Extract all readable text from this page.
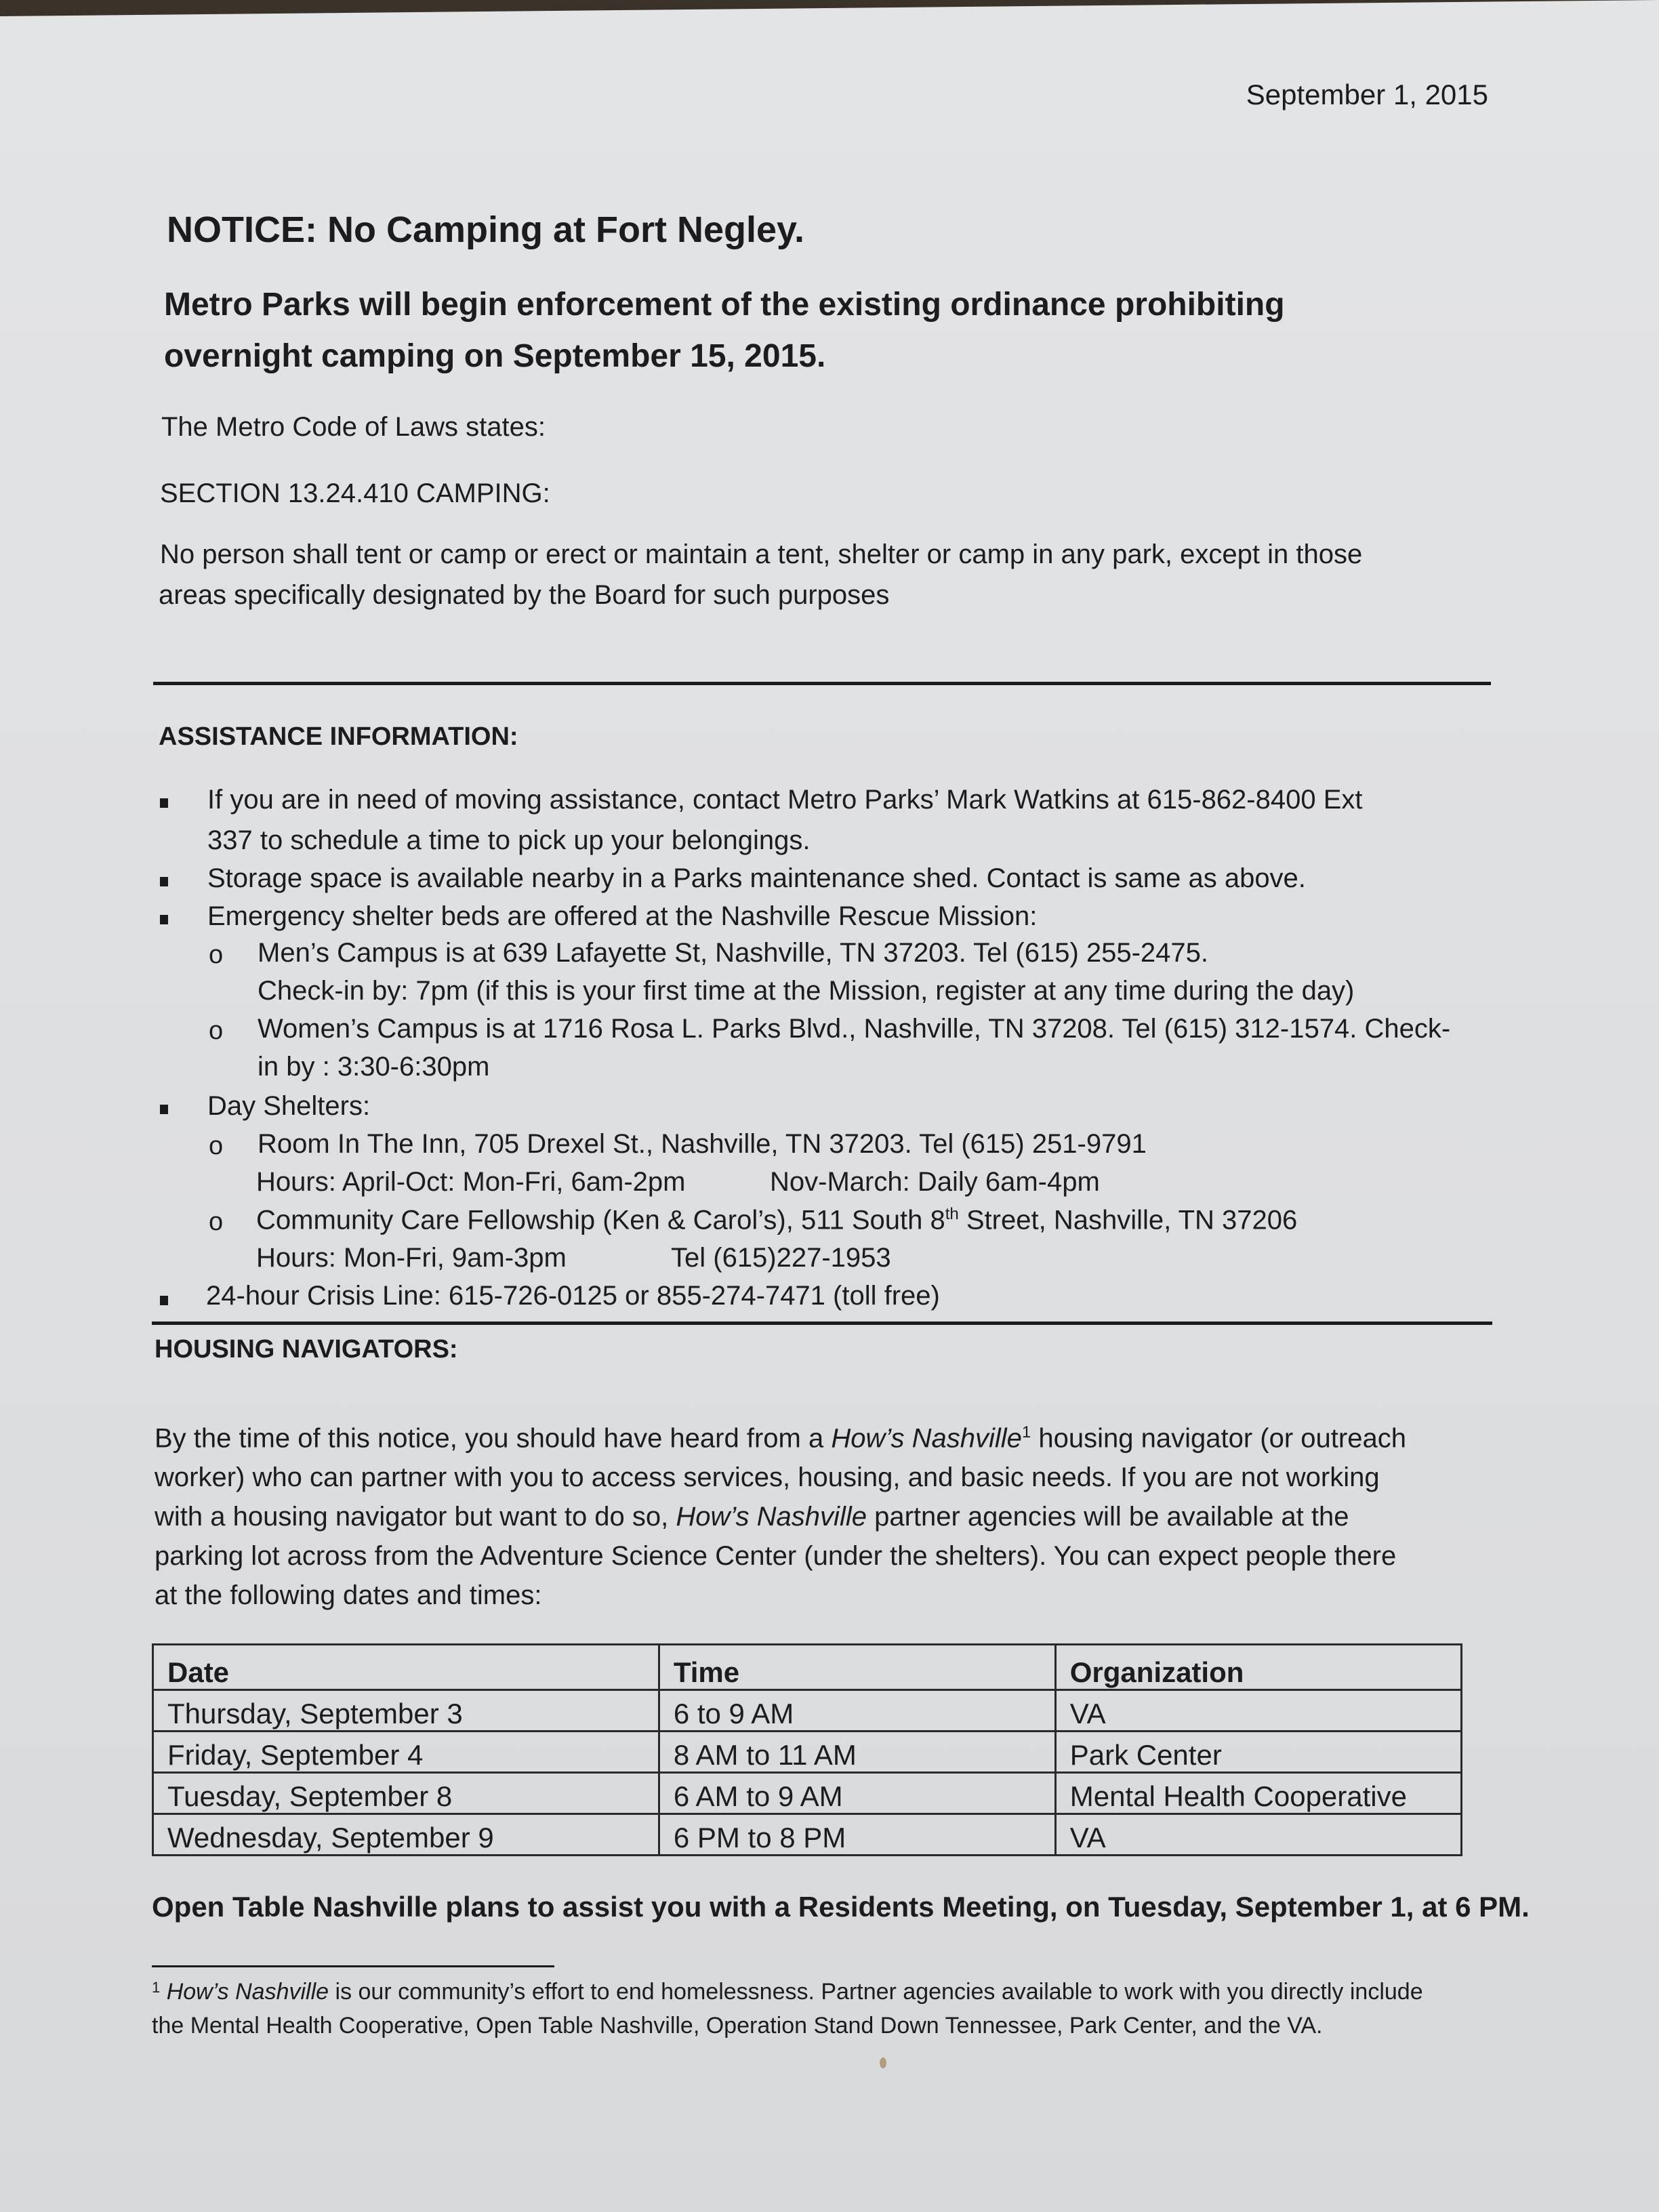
September 1, 2015
NOTICE: No Camping at Fort Negley.
Metro Parks will begin enforcement of the existing ordinance prohibiting
overnight camping on September 15, 2015.
The Metro Code of Laws states:
SECTION 13.24.410 CAMPING:
No person shall tent or camp or erect or maintain a tent, shelter or camp in any park, except in those
areas specifically designated by the Board for such purposes
ASSISTANCE INFORMATION:
If you are in need of moving assistance, contact Metro Parks’ Mark Watkins at 615-862-8400 Ext
337 to schedule a time to pick up your belongings.
Storage space is available nearby in a Parks maintenance shed. Contact is same as above.
Emergency shelter beds are offered at the Nashville Rescue Mission:
o Men’s Campus is at 639 Lafayette St, Nashville, TN 37203. Tel (615) 255-2475.
Check-in by: 7pm (if this is your first time at the Mission, register at any time during the day)
o Women’s Campus is at 1716 Rosa L. Parks Blvd., Nashville, TN 37208. Tel (615) 312-1574. Check-
in by : 3:30-6:30pm
Day Shelters:
o Room In The Inn, 705 Drexel St., Nashville, TN 37203. Tel (615) 251-9791
Hours: April-Oct: Mon-Fri, 6am-2pm	Nov-March: Daily 6am-4pm
o Community Care Fellowship (Ken & Carol’s), 511 South 8th Street, Nashville, TN 37206
Hours: Mon-Fri, 9am-3pm	Tel (615)227-1953
24-hour Crisis Line: 615-726-0125 or 855-274-7471 (toll free)
HOUSING NAVIGATORS:
By the time of this notice, you should have heard from a How’s Nashville$^1$ housing navigator (or outreach
worker) who can partner with you to access services, housing, and basic needs. If you are not working
with a housing navigator but want to do so, How’s Nashville partner agencies will be available at the
parking lot across from the Adventure Science Center (under the shelters). You can expect people there
at the following dates and times:
Date	Time	Organization
Thursday, September 3	6 to 9 AM	VA
Friday, September 4	8 AM to 11 AM	Park Center
Tuesday, September 8	6 AM to 9 AM	Mental Health Cooperative
Wednesday, September 9	6 PM to 8 PM	VA
Open Table Nashville plans to assist you with a Residents Meeting, on Tuesday, September 1, at 6 PM.
$^1$ How’s Nashville is our community’s effort to end homelessness. Partner agencies available to work with you directly include
the Mental Health Cooperative, Open Table Nashville, Operation Stand Down Tennessee, Park Center, and the VA.
